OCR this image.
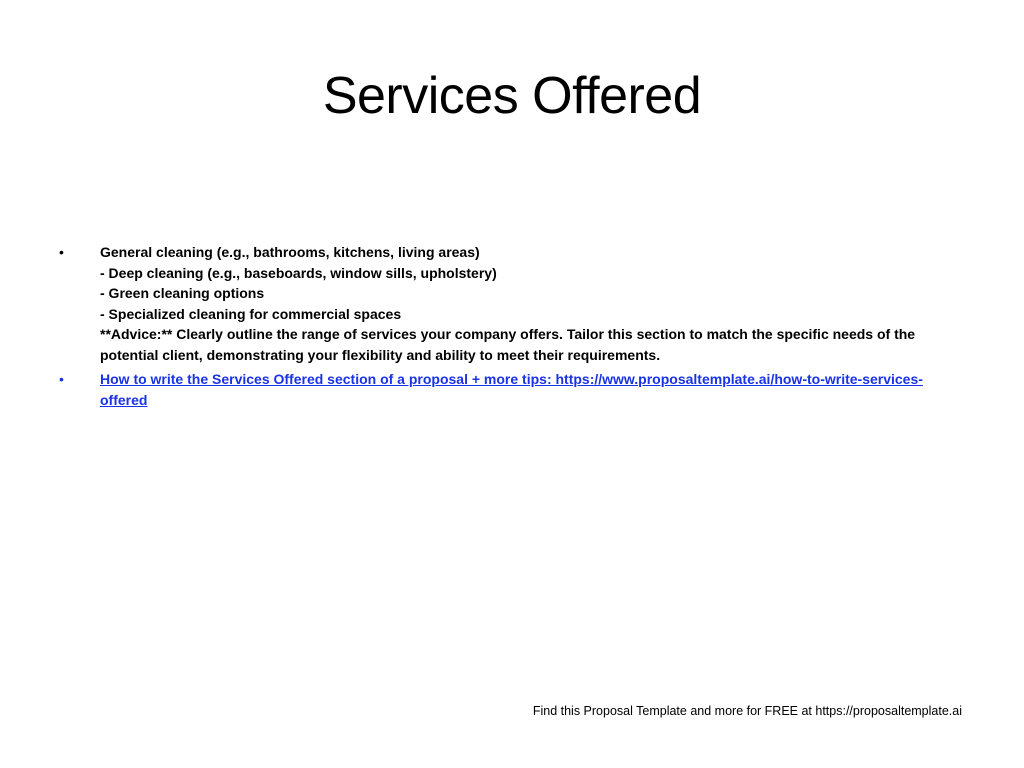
Services Offered
•	General cleaning (e.g., bathrooms, kitchens, living areas)
- Deep cleaning (e.g., baseboards, window sills, upholstery)
- Green cleaning options
- Specialized cleaning for commercial spaces
**Advice:** Clearly outline the range of services your company offers. Tailor this section to match the specific needs of the potential client, demonstrating your flexibility and ability to meet their requirements.
•	How to write the Services Offered section of a proposal + more tips: https://www.proposaltemplate.ai/how-to-write-services-offered
Find this Proposal Template and more for FREE at https://proposaltemplate.ai
